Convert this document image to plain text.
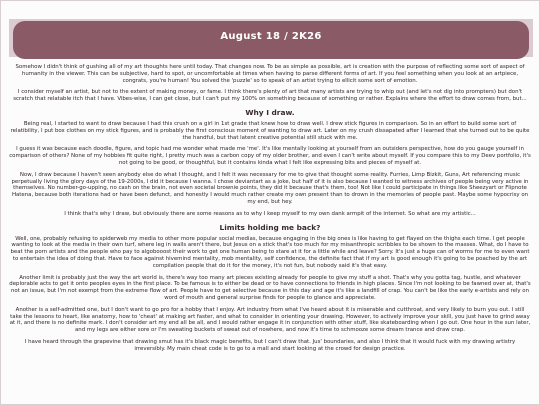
August 18 / 2K26

Somehow I didn't think of gushing all of my art thoughts here until today. That changes now. To be as simple as possible, art is creation with the purpose of reflecting some sort of aspect of humanity in the viewer. This can be subjective, hard to spot, or uncomfortable at times when having to parse different forms of art. If you feel something when you look at an artpiece, congrats, you're human! You solved the 'puzzle' so to speak of an artist trying to ellicit some sort of emotion.

I consider myself an artist, but not to the extent of making money, or fame. I think there's plenty of art that many artists are trying to whip out (and let's not dig into prompters) but don't scratch that relatable itch that I have. Vibes-wise, I can get close, but I can't put my 100% on something because of something or rather. Explains where the effort to draw comes from, but...

Why I draw.

Being real, I started to want to draw because I had this crush on a girl in 1st grade that knew how to draw well. I drew stick figures in comparison. So in an effort to build some sort of relatibility, I put box clothes on my stick figures, and is probably the first conscious moment of wanting to draw art. Later on my crush dissapated after I learned that she turned out to be quite the handful, but that latent creative potential still stuck with me.

I guess it was because each doodle, figure, and topic had me wonder what made me 'me'. It's like mentally looking at yourself from an outsiders perspective, how do you gauge yourself in comparison of others? None of my hobbies fit quite right, I pretty much was a carbon copy of my older brother, and even I can't write about myself. If you compare this to my Deev portfolio, it's not going to be good, or thoughtful, but it contains kinda what I felt like expressing bits and pieces of myself at.

Now, I draw because I haven't seen anybody else do what I thought, and I felt it was necessary for me to give that thought some reality. Furries, Limp Bizkit, Guns, Art referencing music perpetually living the glory days of the 19-2000s, I did it because I wanna. I chose deviantart as a joke, but half of it is also because I wanted to witness archives of people being very active in themselves. No number-go-upping, no cash on the brain, not even societal brownie points, they did it because that's them, too! Not like I could participate in things like Sheezyart or Flipnote Hatena, because both iterations had or have been defunct, and honestly I would much rather create my own present than to drown in the memories of people past. Maybe some hypocrisy on my end, but hey.

I think that's why I draw, but obviously there are some reasons as to why I keep myself to my own dank armpit of the internet. So what are my artistic...

Limits holding me back?

Well, one, probably refusing to spiderweb my media to other more popular social medias, because engaging in the big ones is like having to get flayed on the thighs each time. I get people wanting to look at the media in their own turf, where leg in walls aren't there, but Jesus on a stick that's too much for my misanthropic scribbles to be shown to the masses. What, do I have to beat the porn artists and the people who pay to algobooost their work to get one human being to stare at it for a little while and leave? Sorry. It's just a huge can of worms for me to even want to entertain the idea of doing that. Have to face against hivemind mentality, mob mentality, self confidence, the definite fact that if my art is good enough it's going to be poached by the art compilation people that do it for the money, it's not fun, but nobody said it's that easy.

Another limit is probably just the way the art world is, there's way too many art pieces existing already for people to give my stuff a shot. That's why you gotta tag, hustle, and whatever deplorable acts to get it onto peoples eyes in the first place. To be famous is to either be dead or to have connections to friends in high places. Since I'm not looking to be fawned over at, that's not an issue, but I'm not exempt from the extreme flow of art. People have to get selective because in this day and age it's like a landfill of crap. You can't be like the early e-artists and rely on word of mouth and general surprise finds for people to glance and appreciate.

Another is a self-admitted one, but I don't want to go pro for a hobby that I enjoy. Art industry from what I've heard about it is miserable and cutthroat, and very likely to burn you out. I still take the lessons to heart, like anatomy, how to 'cheat' at making art faster, and what to consider in orienting your drawing. However, to actively improve your skill, you just have to grind away at it, and there is no definite mark. I don't consider art my end all be all, and I would rather engage it in conjunction with other stuff, like skateboarding when I go out. One hour in the sun later, and my legs are either sore or I'm sweating buckets of sweat out of nowhere, and now it's time to schmooze some dream trance and draw crap.

I have heard through the grapevine that drawing smut has it's black magic benefits, but I can't draw that. Jus' boundaries, and also I think that it would fuck with my drawing artistry irreversibly. My main cheat code is to go to a mall and start looking at the crowd for design practice.
